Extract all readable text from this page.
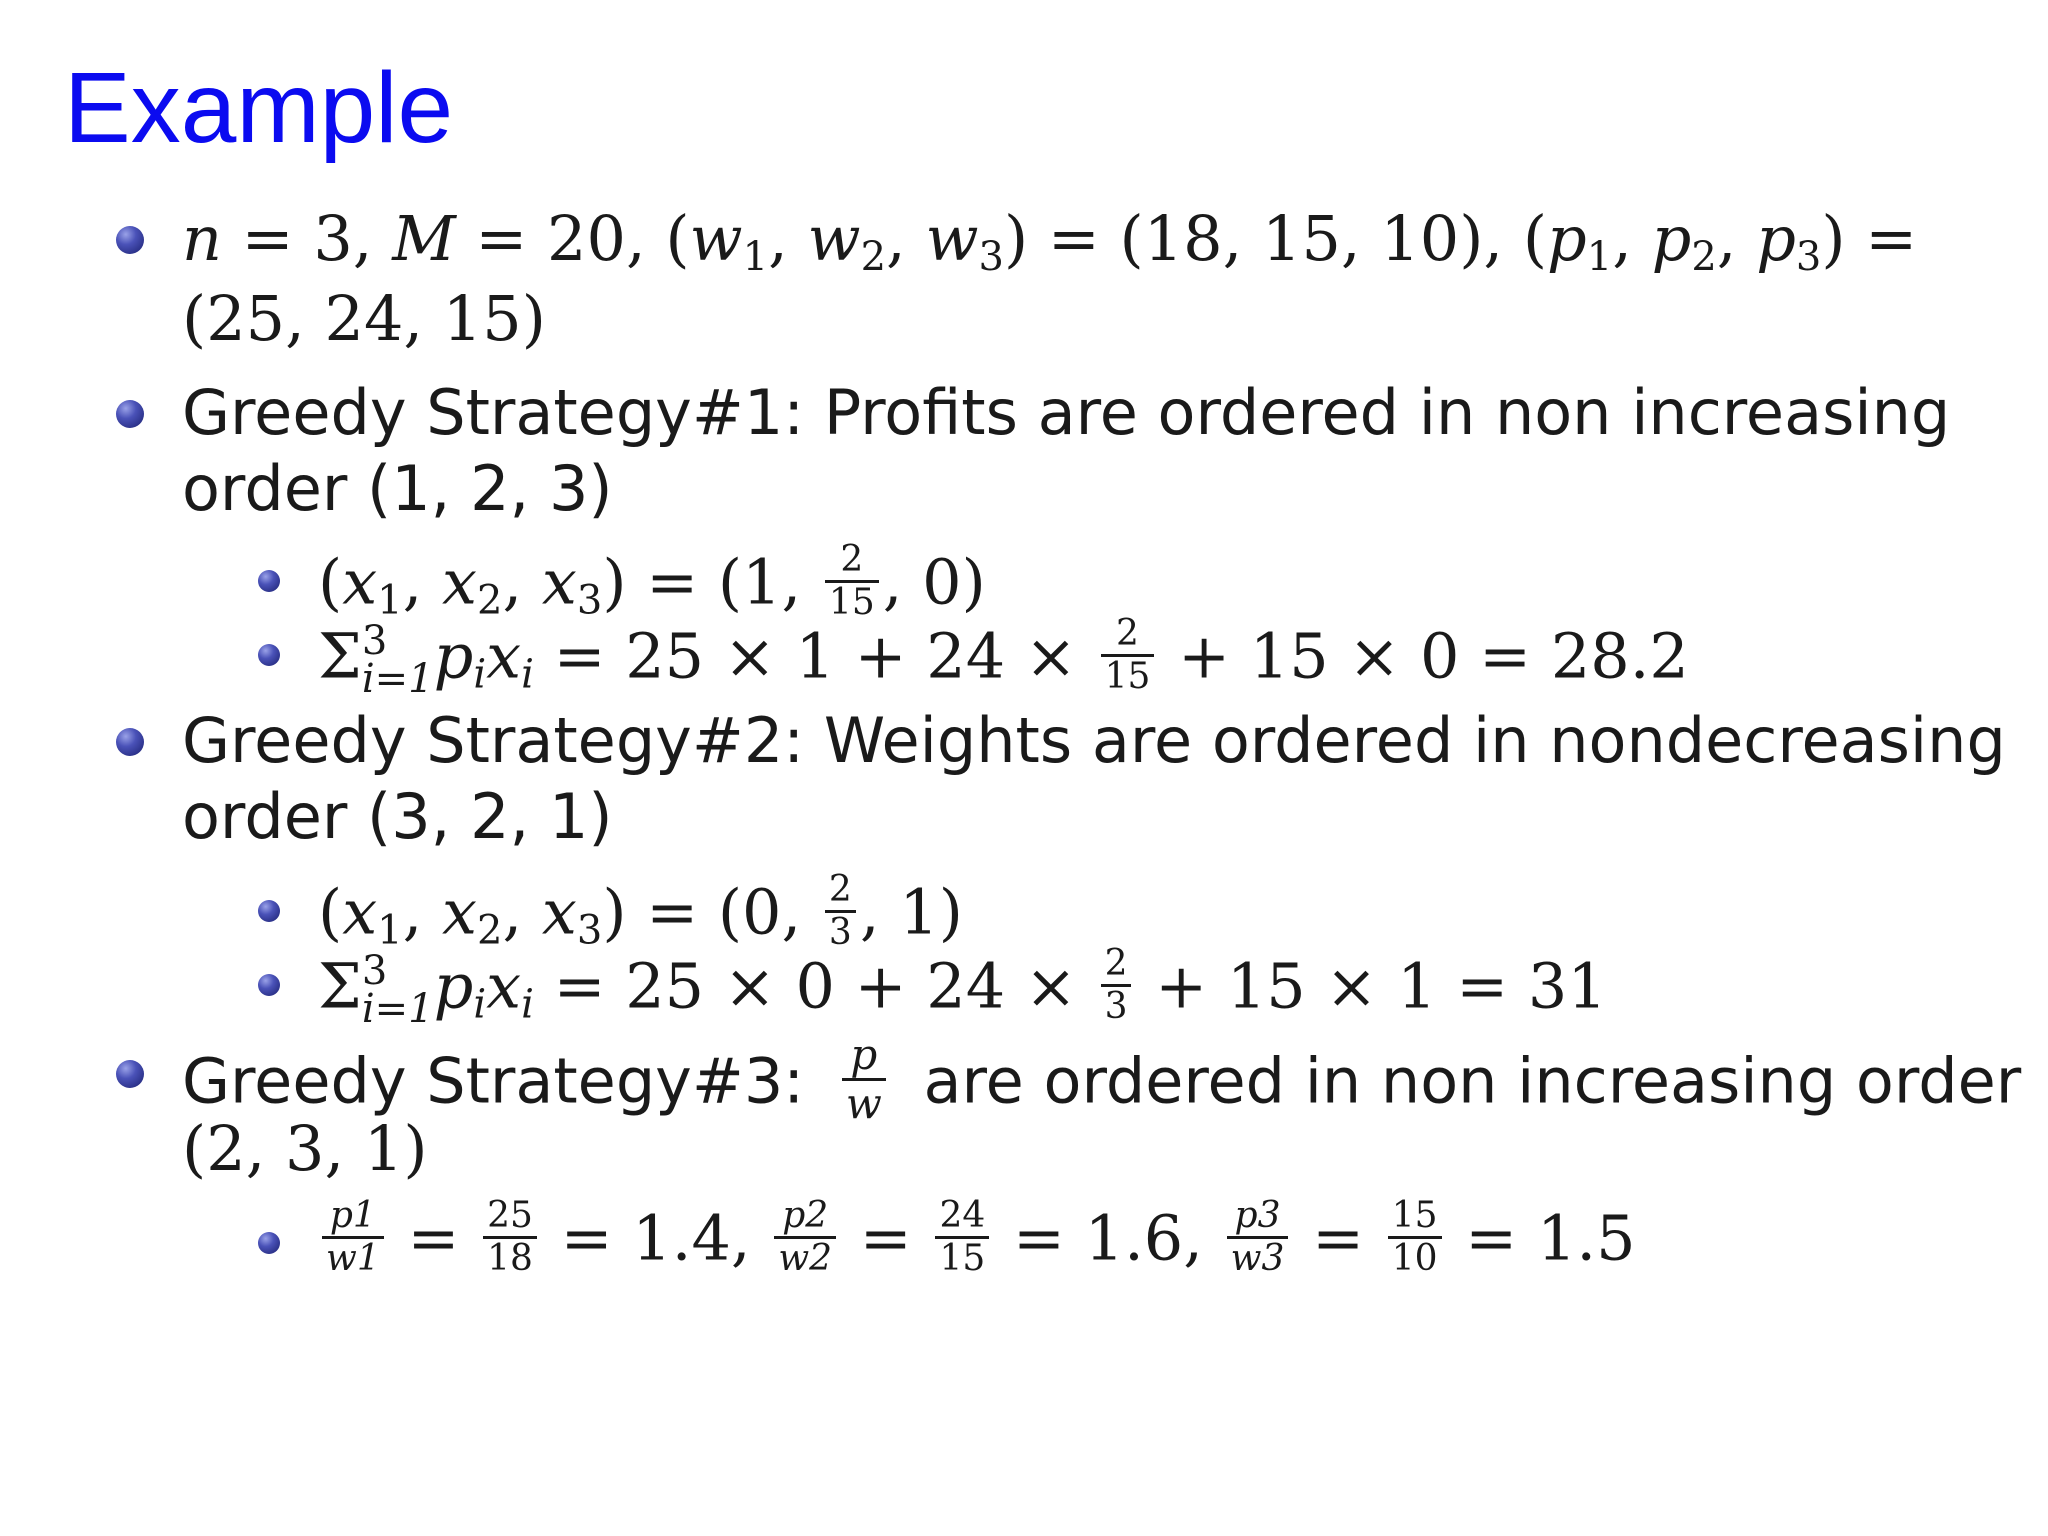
Example
n = 3, M = 20, (w1, w2, w3) = (18, 15, 10), (p1, p2, p3) =
(25, 24, 15)
Greedy Strategy#1: Profits are ordered in non increasing
order (1, 2, 3)
(x1, x2, x3) = (1, $\frac{2}{15}$ , 0)
Σ 3
i=1pixi = $25 \times 1 + 24 \times \frac{2}{15} + 15 \times 0 = 28.2$
Greedy Strategy#2: Weights are ordered in nondecreasing
order (3, 2, 1)
(x1, x2, x3) = (0, $\frac{2}{3}$ , 1)
Σ 3
i=1pixi = $25 \times 0 + 24 \times \frac{2}{3} + 15 \times 1 = 31$
Greedy Strategy#3: $\frac{p}{w}$ are ordered in non increasing order
(2, 3, 1)
$\frac{p1}{w1} = \frac{25}{18} = 1.4$, $\frac{p2}{w2} = \frac{24}{15} = 1.6$, $\frac{p3}{w3} = \frac{15}{10} = 1.5$
